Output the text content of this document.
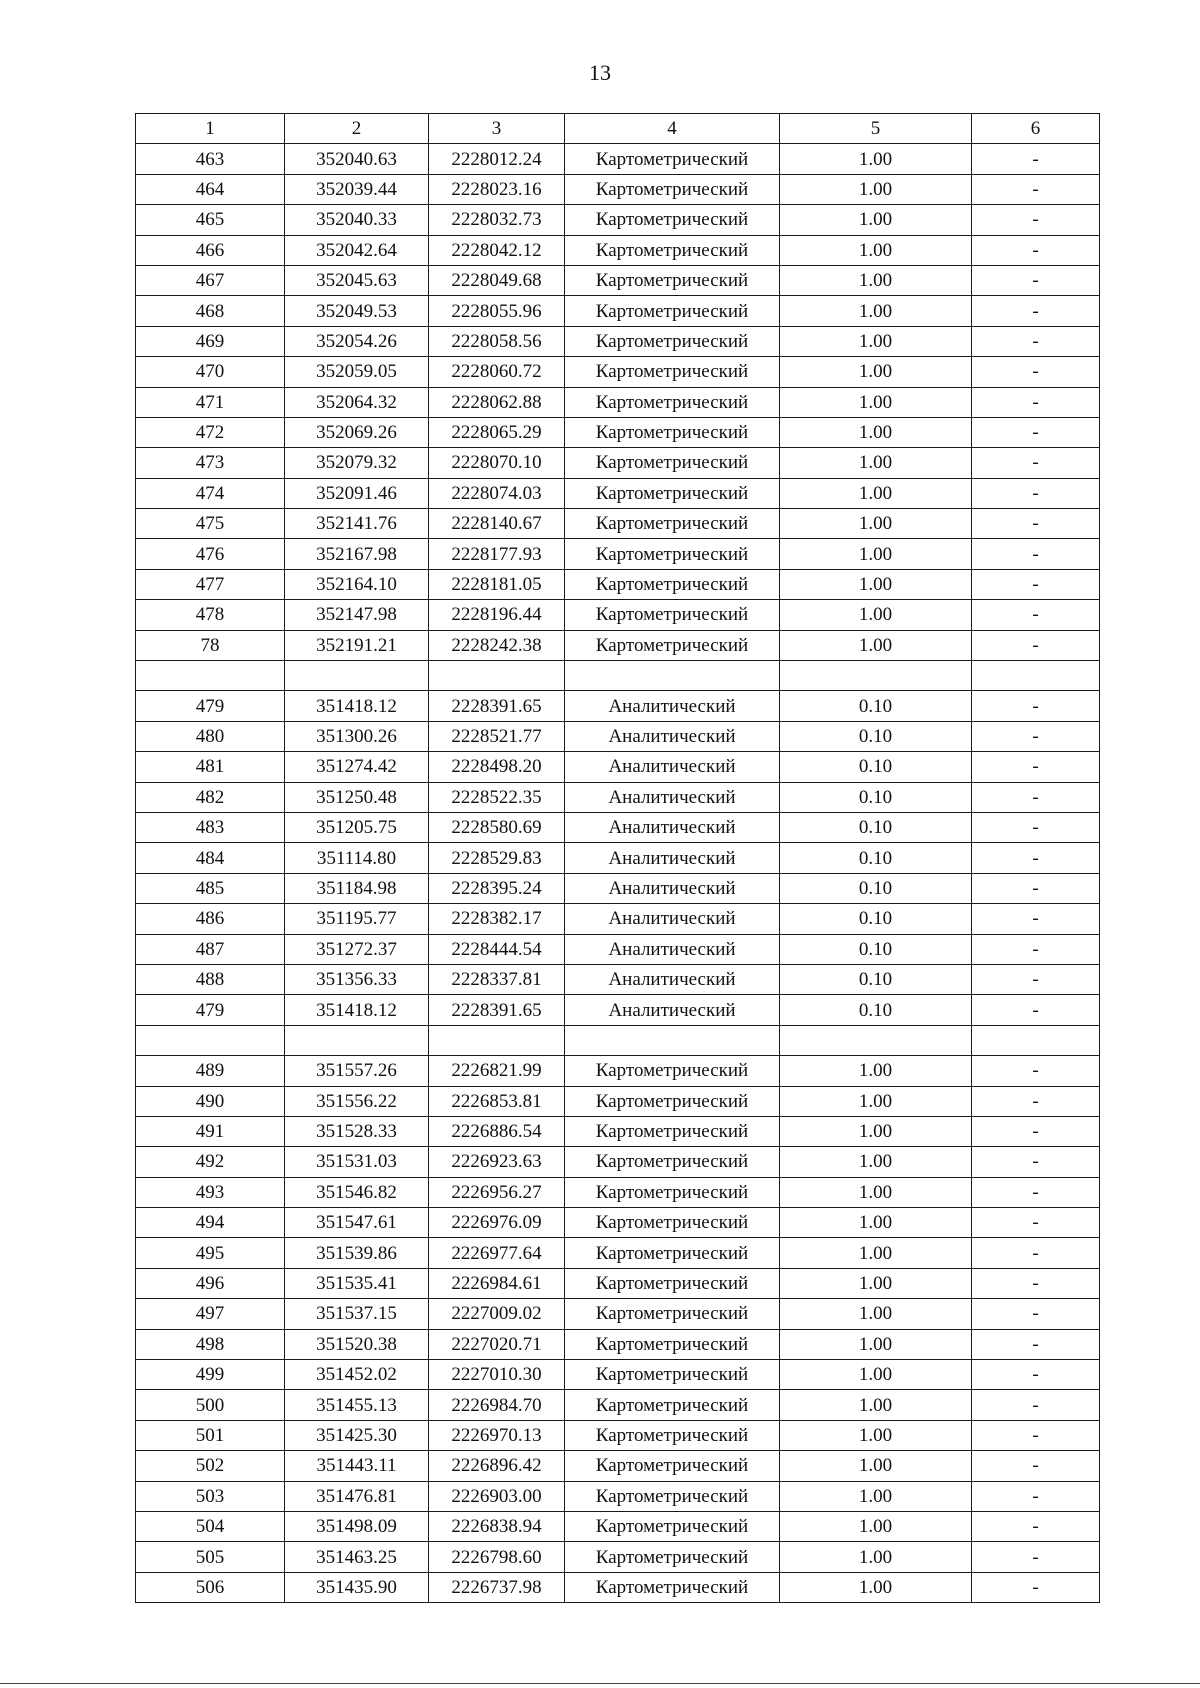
13
1	2	3	4	5	6
463	352040.63	2228012.24	Картометрический	1.00	-
464	352039.44	2228023.16	Картометрический	1.00	-
465	352040.33	2228032.73	Картометрический	1.00	-
466	352042.64	2228042.12	Картометрический	1.00	-
467	352045.63	2228049.68	Картометрический	1.00	-
468	352049.53	2228055.96	Картометрический	1.00	-
469	352054.26	2228058.56	Картометрический	1.00	-
470	352059.05	2228060.72	Картометрический	1.00	-
471	352064.32	2228062.88	Картометрический	1.00	-
472	352069.26	2228065.29	Картометрический	1.00	-
473	352079.32	2228070.10	Картометрический	1.00	-
474	352091.46	2228074.03	Картометрический	1.00	-
475	352141.76	2228140.67	Картометрический	1.00	-
476	352167.98	2228177.93	Картометрический	1.00	-
477	352164.10	2228181.05	Картометрический	1.00	-
478	352147.98	2228196.44	Картометрический	1.00	-
78	352191.21	2228242.38	Картометрический	1.00	-

479	351418.12	2228391.65	Аналитический	0.10	-
480	351300.26	2228521.77	Аналитический	0.10	-
481	351274.42	2228498.20	Аналитический	0.10	-
482	351250.48	2228522.35	Аналитический	0.10	-
483	351205.75	2228580.69	Аналитический	0.10	-
484	351114.80	2228529.83	Аналитический	0.10	-
485	351184.98	2228395.24	Аналитический	0.10	-
486	351195.77	2228382.17	Аналитический	0.10	-
487	351272.37	2228444.54	Аналитический	0.10	-
488	351356.33	2228337.81	Аналитический	0.10	-
479	351418.12	2228391.65	Аналитический	0.10	-

489	351557.26	2226821.99	Картометрический	1.00	-
490	351556.22	2226853.81	Картометрический	1.00	-
491	351528.33	2226886.54	Картометрический	1.00	-
492	351531.03	2226923.63	Картометрический	1.00	-
493	351546.82	2226956.27	Картометрический	1.00	-
494	351547.61	2226976.09	Картометрический	1.00	-
495	351539.86	2226977.64	Картометрический	1.00	-
496	351535.41	2226984.61	Картометрический	1.00	-
497	351537.15	2227009.02	Картометрический	1.00	-
498	351520.38	2227020.71	Картометрический	1.00	-
499	351452.02	2227010.30	Картометрический	1.00	-
500	351455.13	2226984.70	Картометрический	1.00	-
501	351425.30	2226970.13	Картометрический	1.00	-
502	351443.11	2226896.42	Картометрический	1.00	-
503	351476.81	2226903.00	Картометрический	1.00	-
504	351498.09	2226838.94	Картометрический	1.00	-
505	351463.25	2226798.60	Картометрический	1.00	-
506	351435.90	2226737.98	Картометрический	1.00	-
